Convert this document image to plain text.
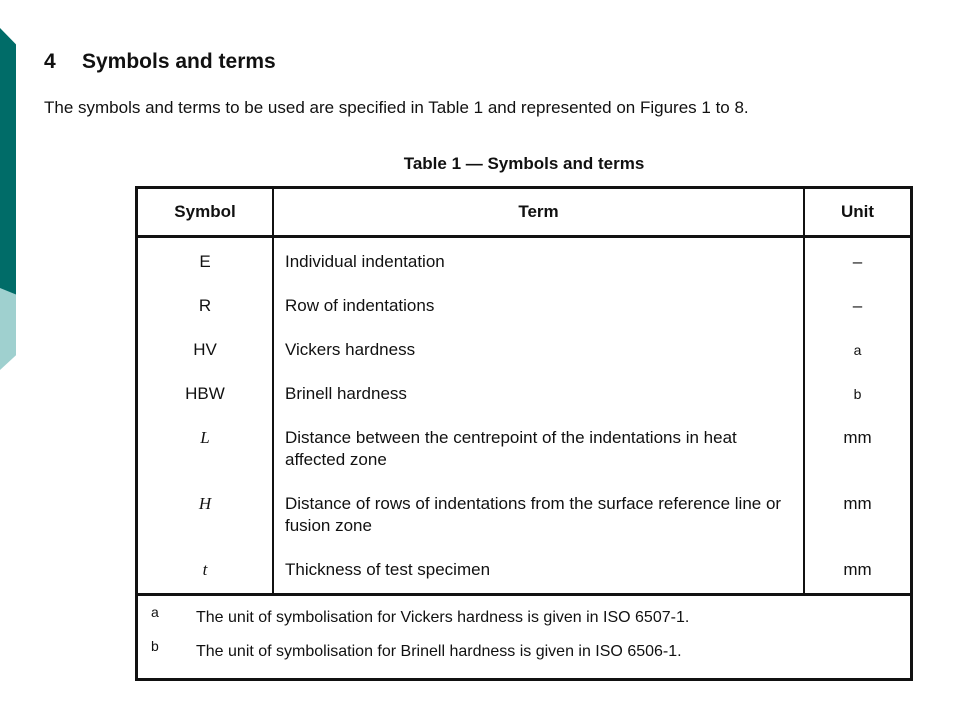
4 Symbols and terms
The symbols and terms to be used are specified in Table 1 and represented on Figures 1 to 8.
Table 1 — Symbols and terms
Symbol	Term	Unit
E	Individual indentation	–
R	Row of indentations	–
HV	Vickers hardness	a
HBW	Brinell hardness	b
L	Distance between the centrepoint of the indentations in heat affected zone	mm
H	Distance of rows of indentations from the surface reference line or fusion zone	mm
t	Thickness of test specimen	mm

a The unit of symbolisation for Vickers hardness is given in ISO 6507-1.
b The unit of symbolisation for Brinell hardness is given in ISO 6506-1.		
